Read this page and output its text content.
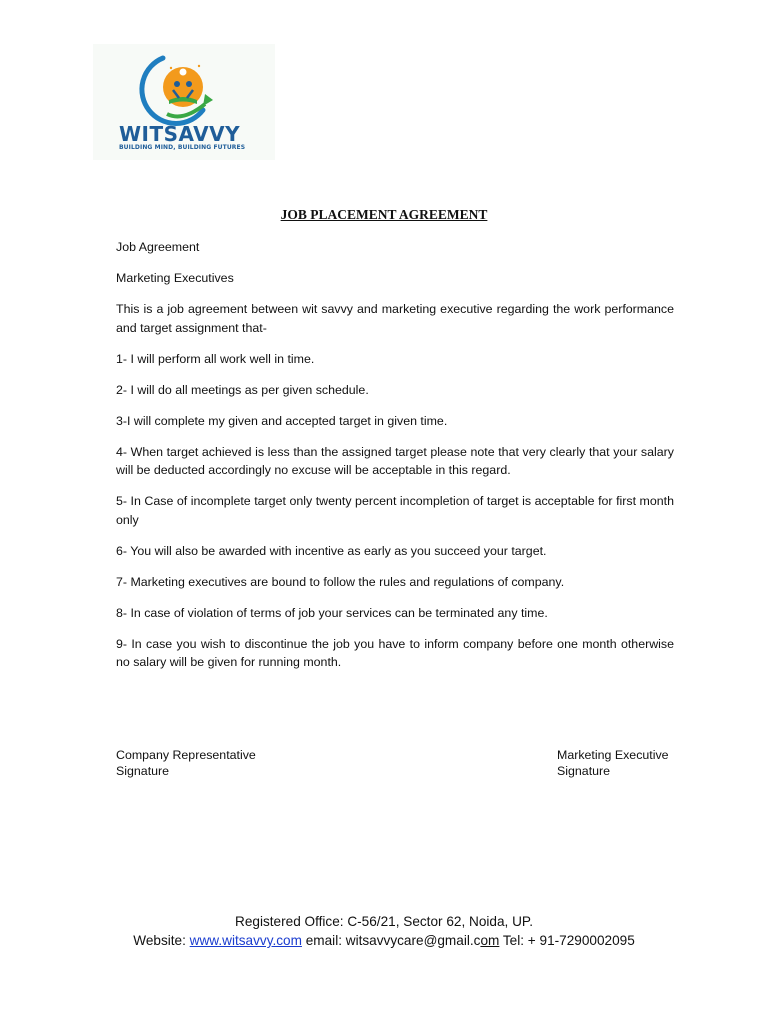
WITSAVVY
BUILDING MIND, BUILDING FUTURES
JOB PLACEMENT AGREEMENT

Job Agreement

Marketing Executives

This is a job agreement between wit savvy and marketing executive regarding the work performance and target assignment that-

1- I will perform all work well in time.

2- I will do all meetings as per given schedule.

3-I will complete my given and accepted target in given time.

4- When target achieved is less than the assigned target please note that very clearly that your salary will be deducted accordingly no excuse will be acceptable in this regard.

5- In Case of incomplete target only twenty percent incompletion of target is acceptable for first month only

6- You will also be awarded with incentive as early as you succeed your target.

7- Marketing executives are bound to follow the rules and regulations of company.

8- In case of violation of terms of job your services can be terminated any time.

9- In case you wish to discontinue the job you have to inform company before one month otherwise no salary will be given for running month.

Company Representative
Signature
Marketing Executive
Signature
Registered Office: C-56/21, Sector 62, Noida, UP.
Website: www.witsavvy.com email: witsavvycare@gmail.com Tel: + 91-7290002095
